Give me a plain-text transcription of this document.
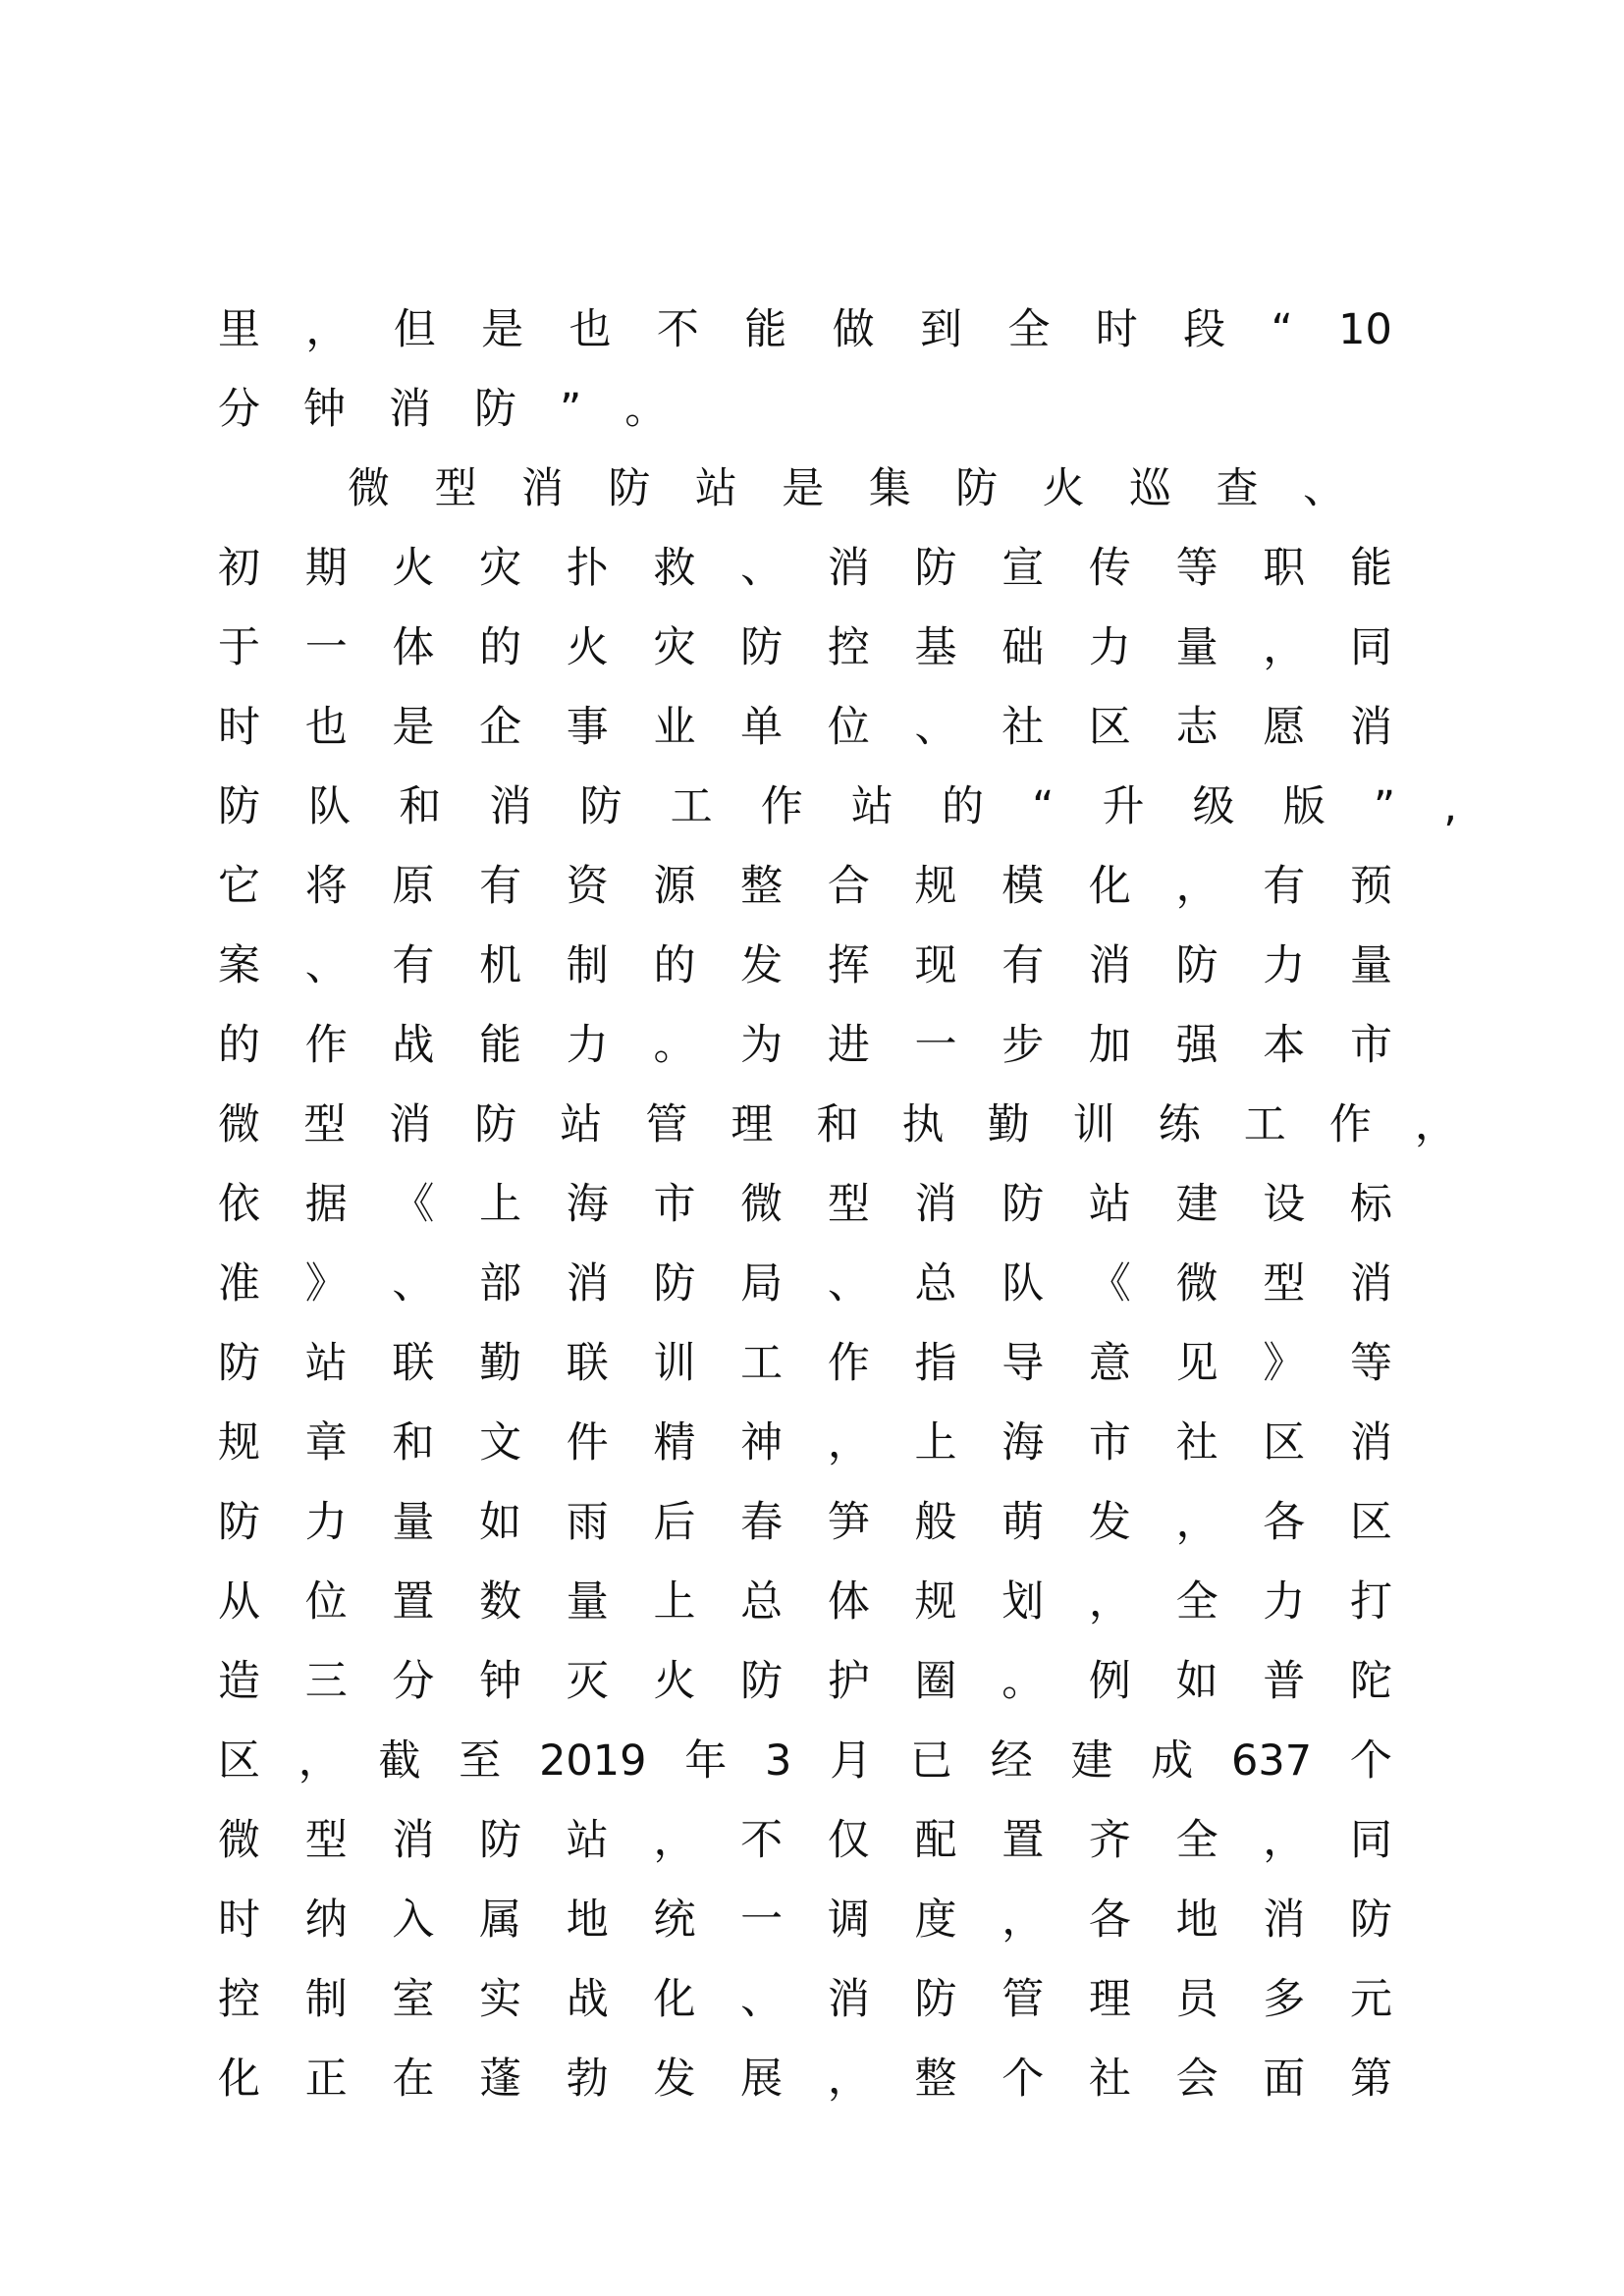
里 ， 但 是 也 不 能 做 到 全 时 段 “ 10
分 钟 消 防 ” 。
微 型 消 防 站 是 集 防 火 巡 查 、
初 期 火 灾 扑 救 、 消 防 宣 传 等 职 能
于 一 体 的 火 灾 防 控 基 础 力 量 ， 同
时 也 是 企 事 业 单 位 、 社 区 志 愿 消
防 队 和 消 防 工 作 站 的 “ 升 级 版 ” ,
它 将 原 有 资 源 整 合 规 模 化 ， 有 预
案 、 有 机 制 的 发 挥 现 有 消 防 力 量
的 作 战 能 力 。 为 进 一 步 加 强 本 市
微 型 消 防 站 管 理 和 执 勤 训 练 工 作 ，
依 据 《 上 海 市 微 型 消 防 站 建 设 标
准 》 、 部 消 防 局 、 总 队 《 微 型 消
防 站 联 勤 联 训 工 作 指 导 意 见 》 等
规 章 和 文 件 精 神 ， 上 海 市 社 区 消
防 力 量 如 雨 后 春 笋 般 萌 发 ， 各 区
从 位 置 数 量 上 总 体 规 划 ， 全 力 打
造 三 分 钟 灭 火 防 护 圈 。 例 如 普 陀
区 ， 截 至 2019 年 3 月 已 经 建 成 637 个
微 型 消 防 站 ， 不 仅 配 置 齐 全 ， 同
时 纳 入 属 地 统 一 调 度 ， 各 地 消 防
控 制 室 实 战 化 、 消 防 管 理 员 多 元
化 正 在 蓬 勃 发 展 ， 整 个 社 会 面 第
